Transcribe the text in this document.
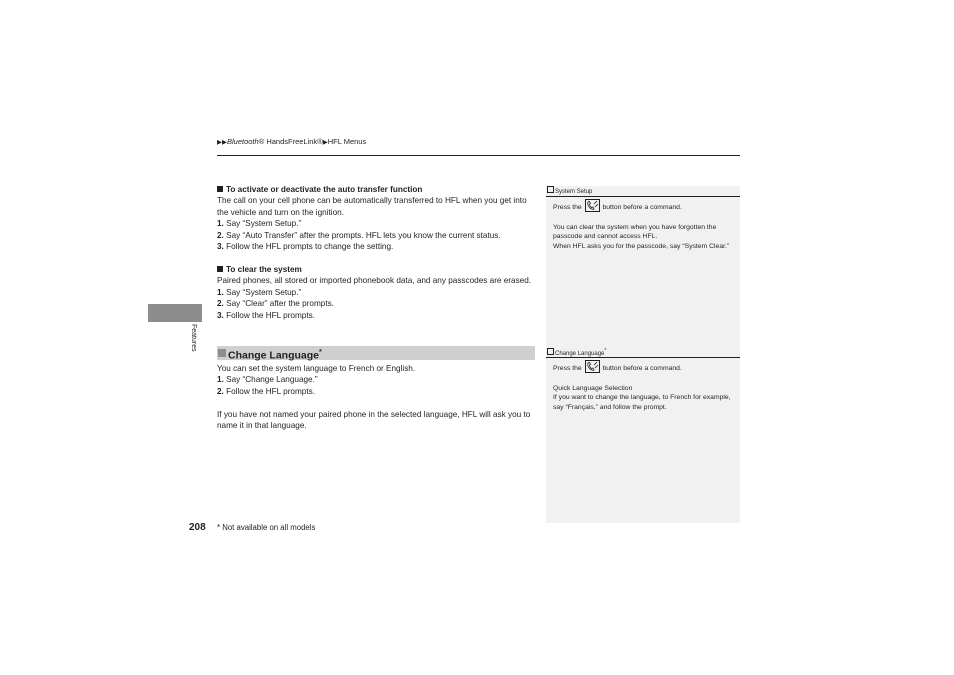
▶▶Bluetooth® HandsFreeLink®▶HFL Menus
Features

To activate or deactivate the auto transfer function

The call on your cell phone can be automatically transferred to HFL when you get into the vehicle and turn on the ignition.

1. Say “System Setup.”

2. Say “Auto Transfer” after the prompts. HFL lets you know the current status.

3. Follow the HFL prompts to change the setting.

To clear the system

Paired phones, all stored or imported phonebook data, and any passcodes are erased.

1. Say “System Setup.”

2. Say “Clear” after the prompts.

3. Follow the HFL prompts.

Change Language*

You can set the system language to French or English.

1. Say “Change Language.”

2. Follow the HFL prompts.

If you have not named your paired phone in the selected language, HFL will ask you to name it in that language.

System Setup

Press the	button before a command.

You can clear the system when you have forgotten the passcode and cannot access HFL.

When HFL asks you for the passcode, say “System Clear.”

Change Language*

Press the	button before a command.

Quick Language Selection

If you want to change the language, to French for example, say “Français,” and follow the prompt.

208 * Not available on all models
